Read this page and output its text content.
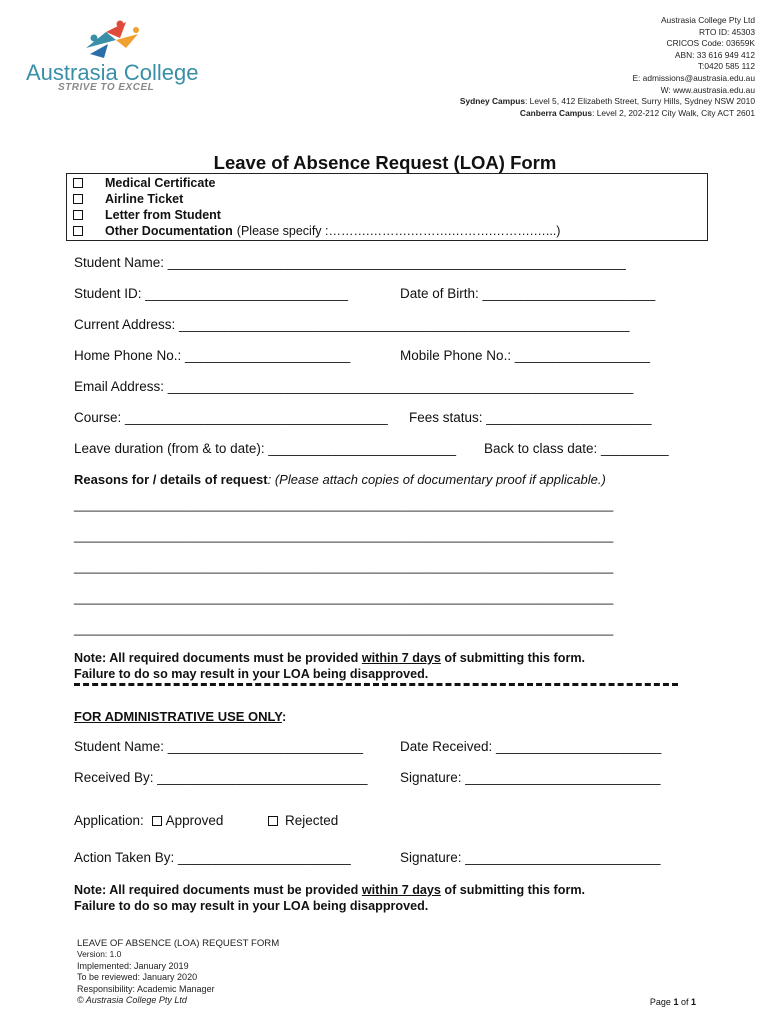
Austrasia College
STRIVE TO EXCEL
Austrasia College Pty Ltd
RTO ID: 45303
CRICOS Code: 03659K
ABN: 33 616 949 412
T:0420 585 112
E: admissions@austrasia.edu.au
W: www.austrasia.edu.au
Sydney Campus: Level 5, 412 Elizabeth Street, Surry Hills, Sydney NSW 2010
Canberra Campus: Level 2, 202-212 City Walk, City ACT 2601
Leave of Absence Request (LOA) Form
Medical Certificate
Airline Ticket
Letter from Student
Other Documentation (Please specify :……….……….……….……….……….…...)
Student Name: _____________________________________________________________
Student ID: ___________________________	Date of Birth: _______________________
Current Address: ____________________________________________________________
Home Phone No.: ______________________	Mobile Phone No.: __________________
Email Address: ______________________________________________________________
Course: ___________________________________ Fees status: ______________________
Leave duration (from & to date): _________________________ Back to class date: _________
Reasons for / details of request: (Please attach copies of documentary proof if applicable.)
_____________________________________________________________________________
_____________________________________________________________________________
_____________________________________________________________________________
_____________________________________________________________________________
_____________________________________________________________________________
Note: All required documents must be provided within 7 days of submitting this form.
Failure to do so may result in your LOA being disapproved.
FOR ADMINISTRATIVE USE ONLY:
Student Name: __________________________	Date Received: ______________________
Received By: ____________________________ Signature: __________________________
Application: Approved	Rejected
Action Taken By: _______________________	Signature: __________________________
Note: All required documents must be provided within 7 days of submitting this form.
Failure to do so may result in your LOA being disapproved.
LEAVE OF ABSENCE (LOA) REQUEST FORM
Version: 1.0
Implemented: January 2019
To be reviewed: January 2020
Responsibility: Academic Manager
© Austrasia College Pty Ltd	Page 1 of 1
